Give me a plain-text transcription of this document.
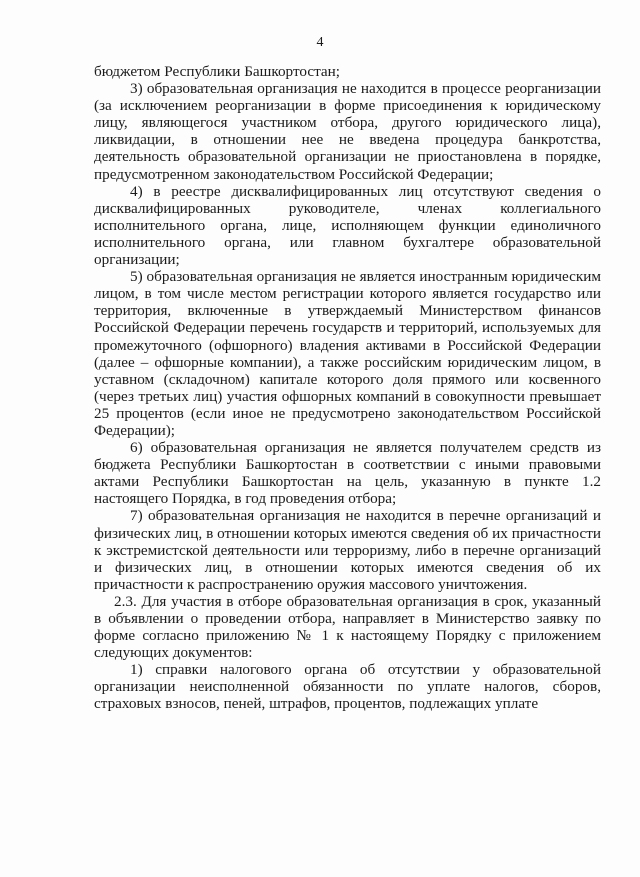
4

бюджетом Республики Башкортостан;

3) образовательная организация не находится в процессе реорганизации (за исключением реорганизации в форме присоединения к юридическому лицу, являющегося участником отбора, другого юридического лица), ликвидации, в отношении нее не введена процедура банкротства, деятельность образовательной организации не приостановлена в порядке, предусмотренном законодательством Российской Федерации;

4) в реестре дисквалифицированных лиц отсутствуют сведения о дисквалифицированных руководителе, членах коллегиального исполнительного органа, лице, исполняющем функции единоличного исполнительного органа, или главном бухгалтере образовательной организации;

5) образовательная организация не является иностранным юридическим лицом, в том числе местом регистрации которого является государство или территория, включенные в утверждаемый Министерством финансов Российской Федерации перечень государств и территорий, используемых для промежуточного (офшорного) владения активами в Российской Федерации (далее – офшорные компании), а также российским юридическим лицом, в уставном (складочном) капитале которого доля прямого или косвенного (через третьих лиц) участия офшорных компаний в совокупности превышает 25 процентов (если иное не предусмотрено законодательством Российской Федерации);

6) образовательная организация не является получателем средств из бюджета Республики Башкортостан в соответствии с иными правовыми актами Республики Башкортостан на цель, указанную в пункте 1.2 настоящего Порядка, в год проведения отбора;

7) образовательная организация не находится в перечне организаций и физических лиц, в отношении которых имеются сведения об их причастности к экстремистской деятельности или терроризму, либо в перечне организаций и физических лиц, в отношении которых имеются сведения об их причастности к распространению оружия массового уничтожения.

2.3. Для участия в отборе образовательная организация в срок, указанный в объявлении о проведении отбора, направляет в Министерство заявку по форме согласно приложению № 1 к настоящему Порядку с приложением следующих документов:

1) справки налогового органа об отсутствии у образовательной организации неисполненной обязанности по уплате налогов, сборов, страховых взносов, пеней, штрафов, процентов, подлежащих уплате
